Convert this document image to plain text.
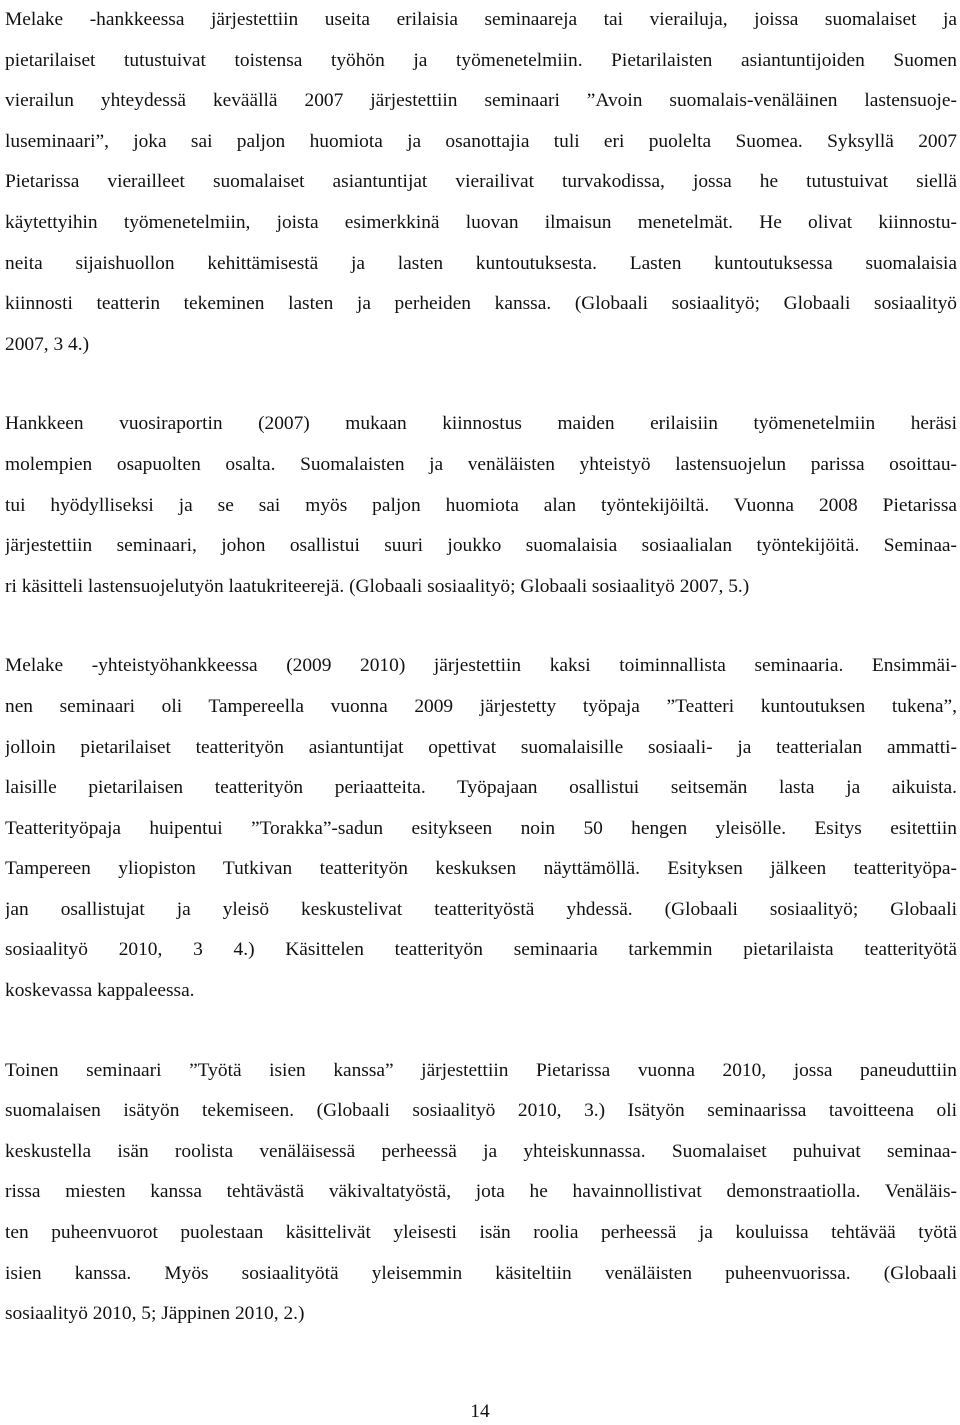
Melake -hankkeessa järjestettiin useita erilaisia seminaareja tai vierailuja, joissa suomalaiset ja

pietarilaiset tutustuivat toistensa työhön ja työmenetelmiin. Pietarilaisten asiantuntijoiden Suomen

vierailun yhteydessä keväällä 2007 järjestettiin seminaari ”Avoin suomalais-venäläinen lastensuoje-

luseminaari”, joka sai paljon huomiota ja osanottajia tuli eri puolelta Suomea. Syksyllä 2007

Pietarissa vierailleet suomalaiset asiantuntijat vierailivat turvakodissa, jossa he tutustuivat siellä

käytettyihin työmenetelmiin, joista esimerkkinä luovan ilmaisun menetelmät. He olivat kiinnostu-

neita sijaishuollon kehittämisestä ja lasten kuntoutuksesta. Lasten kuntoutuksessa suomalaisia

kiinnosti teatterin tekeminen lasten ja perheiden kanssa. (Globaali sosiaalityö; Globaali sosiaalityö

2007, 3 4.)

Hankkeen vuosiraportin (2007) mukaan kiinnostus maiden erilaisiin työmenetelmiin heräsi

molempien osapuolten osalta. Suomalaisten ja venäläisten yhteistyö lastensuojelun parissa osoittau-

tui hyödylliseksi ja se sai myös paljon huomiota alan työntekijöiltä. Vuonna 2008 Pietarissa

järjestettiin seminaari, johon osallistui suuri joukko suomalaisia sosiaalialan työntekijöitä. Seminaa-

ri käsitteli lastensuojelutyön laatukriteerejä. (Globaali sosiaalityö; Globaali sosiaalityö 2007, 5.)

Melake -yhteistyöhankkeessa (2009 2010) järjestettiin kaksi toiminnallista seminaaria. Ensimmäi-

nen seminaari oli Tampereella vuonna 2009 järjestetty työpaja ”Teatteri kuntoutuksen tukena”,

jolloin pietarilaiset teatterityön asiantuntijat opettivat suomalaisille sosiaali- ja teatterialan ammatti-

laisille pietarilaisen teatterityön periaatteita. Työpajaan osallistui seitsemän lasta ja aikuista.

Teatterityöpaja huipentui ”Torakka”-sadun esitykseen noin 50 hengen yleisölle. Esitys esitettiin

Tampereen yliopiston Tutkivan teatterityön keskuksen näyttämöllä. Esityksen jälkeen teatterityöpa-

jan osallistujat ja yleisö keskustelivat teatterityöstä yhdessä. (Globaali sosiaalityö; Globaali

sosiaalityö 2010, 3 4.) Käsittelen teatterityön seminaaria tarkemmin pietarilaista teatterityötä

koskevassa kappaleessa.

Toinen seminaari ”Työtä isien kanssa” järjestettiin Pietarissa vuonna 2010, jossa paneuduttiin

suomalaisen isätyön tekemiseen. (Globaali sosiaalityö 2010, 3.) Isätyön seminaarissa tavoitteena oli

keskustella isän roolista venäläisessä perheessä ja yhteiskunnassa. Suomalaiset puhuivat seminaa-

rissa miesten kanssa tehtävästä väkivaltatyöstä, jota he havainnollistivat demonstraatiolla. Venäläis-

ten puheenvuorot puolestaan käsittelivät yleisesti isän roolia perheessä ja kouluissa tehtävää työtä

isien kanssa. Myös sosiaalityötä yleisemmin käsiteltiin venäläisten puheenvuorissa. (Globaali

sosiaalityö 2010, 5; Jäppinen 2010, 2.)

14
